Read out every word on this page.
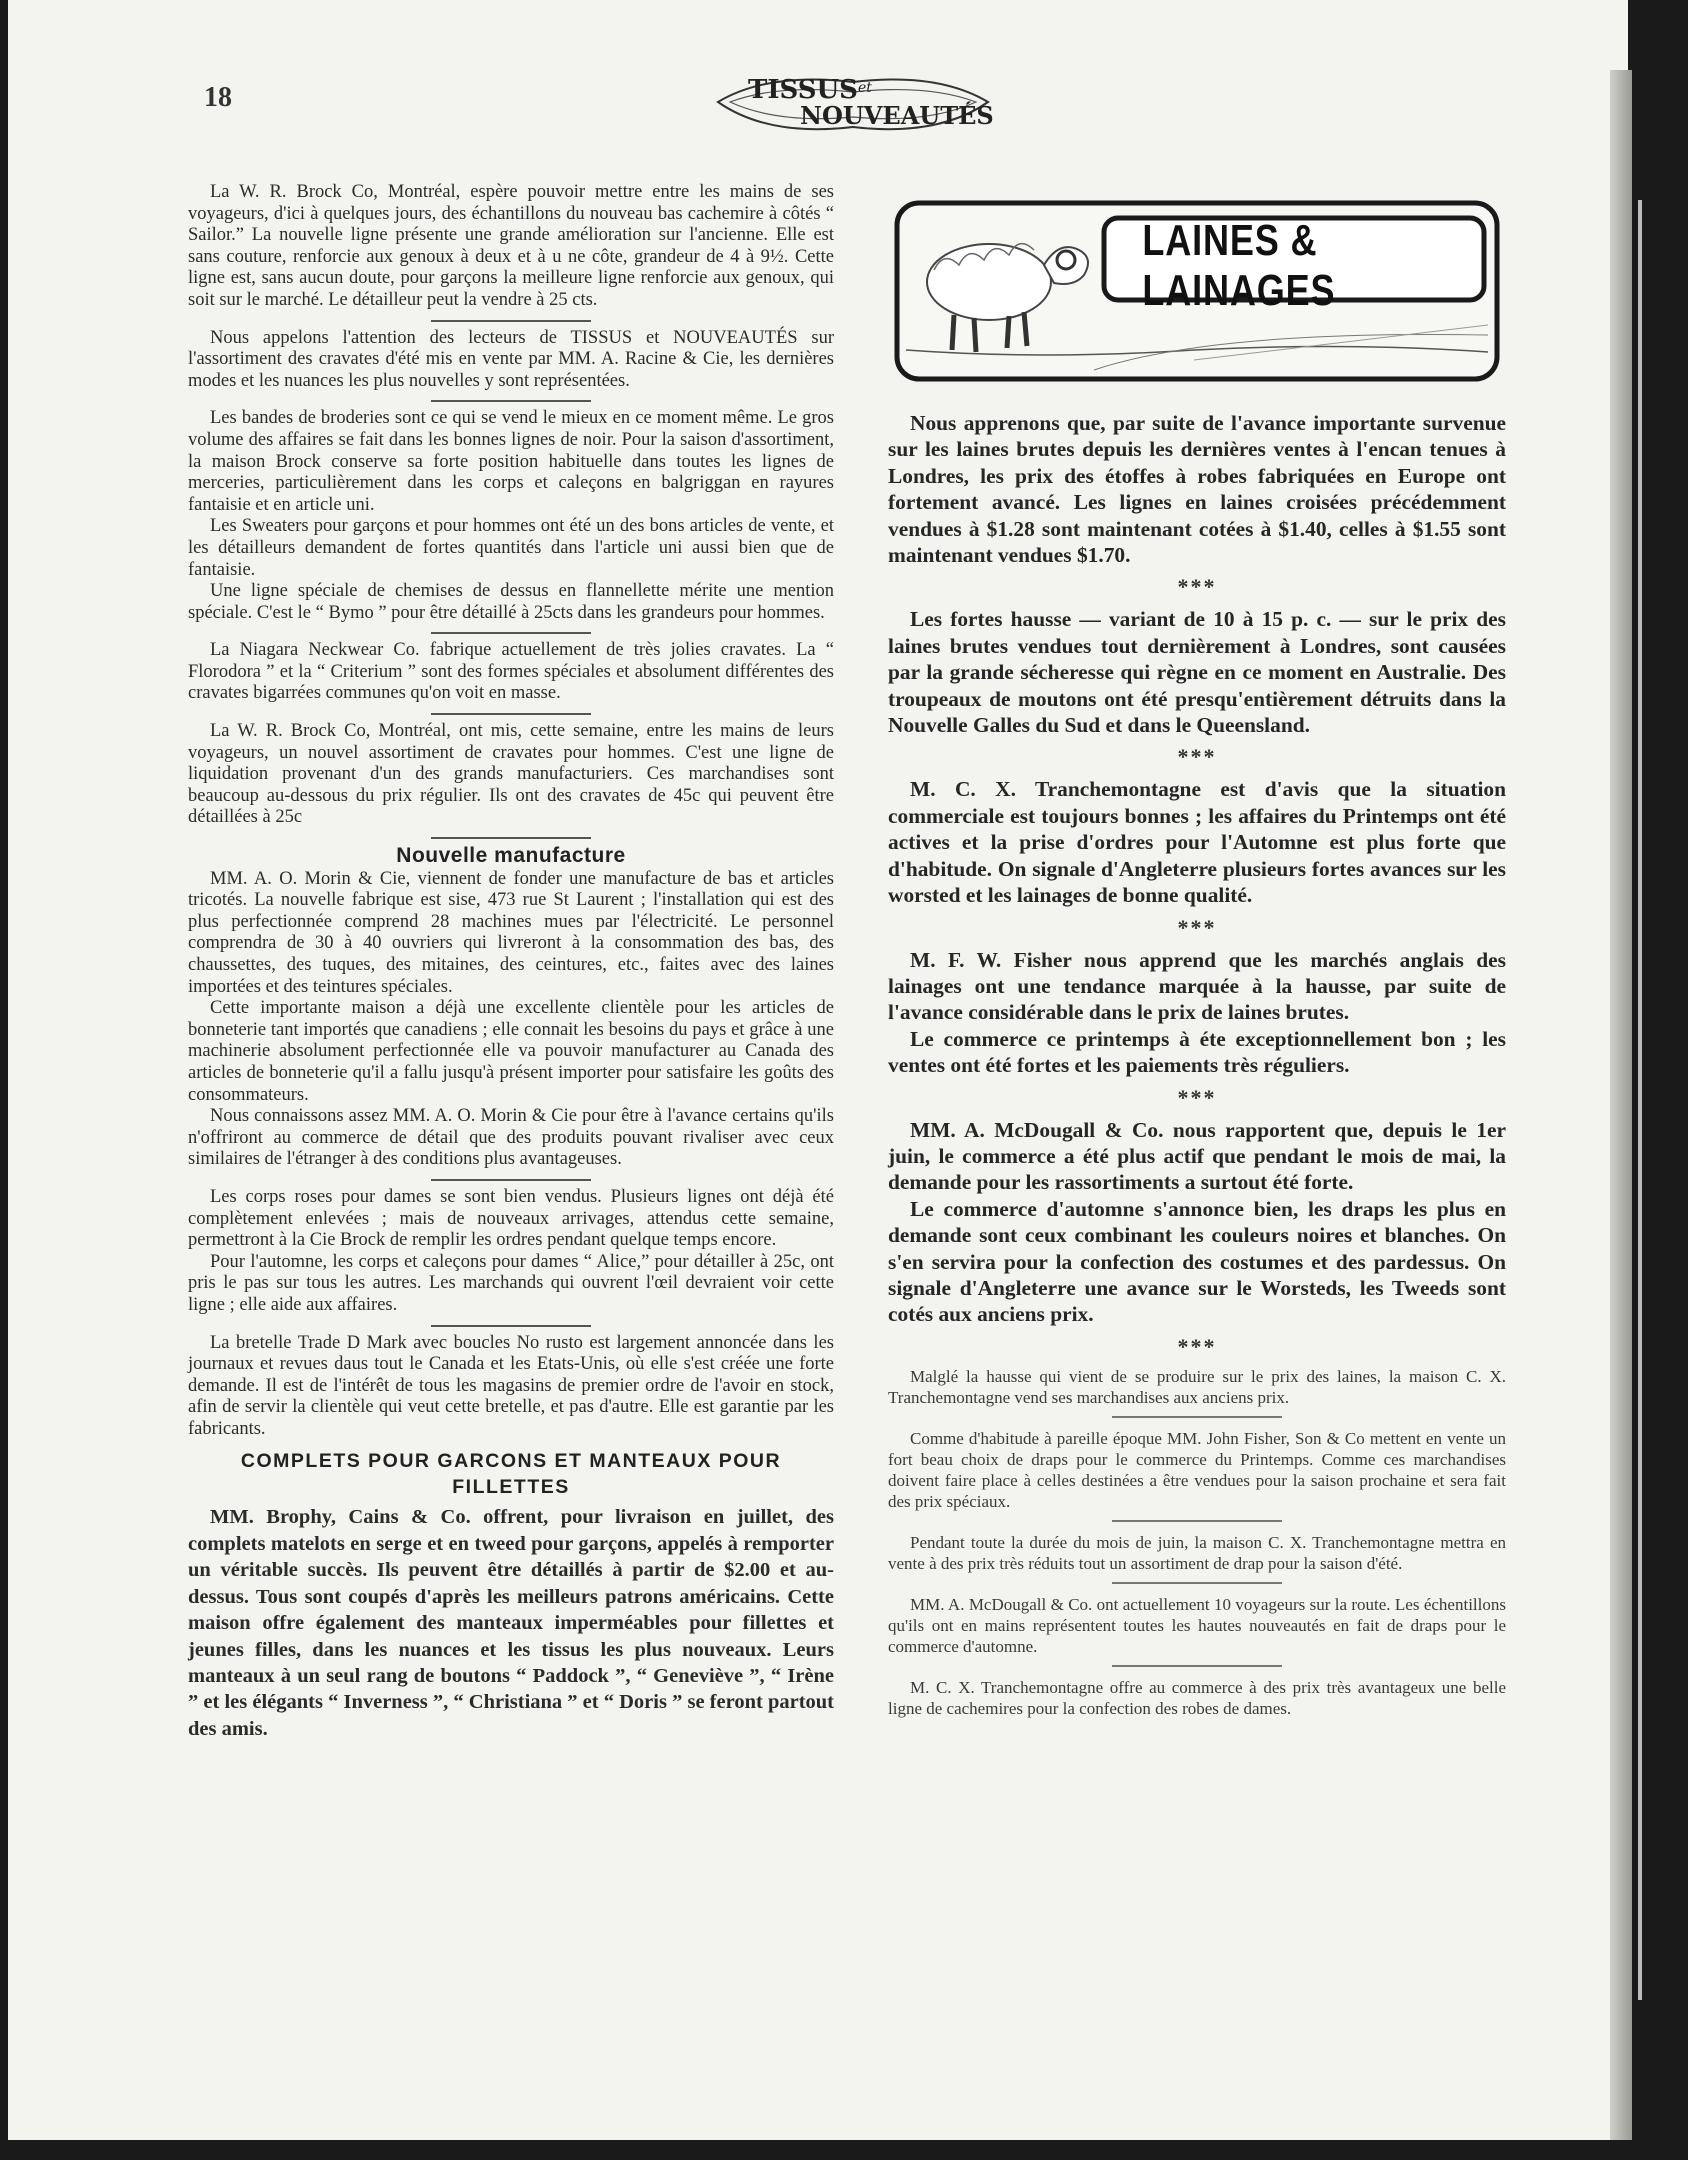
18	TISSUS et
NOUVEAUTÉS

La W. R. Brock Co, Montréal, espère pouvoir mettre entre les mains de ses voyageurs, d'ici à quelques jours, des échantillons du nouveau bas cachemire à côtés “ Sailor.” La nouvelle ligne présente une grande amélioration sur l'ancienne. Elle est sans couture, renforcie aux genoux à deux et à u ne côte, grandeur de 4 à 9½. Cette ligne est, sans aucun doute, pour garçons la meilleure ligne renforcie aux genoux, qui soit sur le marché. Le détailleur peut la vendre à 25 cts.

Nous appelons l'attention des lecteurs de TISSUS et NOUVEAUTÉS sur l'assortiment des cravates d'été mis en vente par MM. A. Racine & Cie, les dernières modes et les nuances les plus nouvelles y sont représentées.

Les bandes de broderies sont ce qui se vend le mieux en ce moment même. Le gros volume des affaires se fait dans les bonnes lignes de noir. Pour la saison d'assortiment, la maison Brock conserve sa forte position habituelle dans toutes les lignes de merceries, particulièrement dans les corps et caleçons en balgriggan en rayures fantaisie et en article uni.

Les Sweaters pour garçons et pour hommes ont été un des bons articles de vente, et les détailleurs demandent de fortes quantités dans l'article uni aussi bien que de fantaisie.

Une ligne spéciale de chemises de dessus en flannellette mérite une mention spéciale. C'est le “ Bymo ” pour être détaillé à 25cts dans les grandeurs pour hommes.

La Niagara Neckwear Co. fabrique actuellement de très jolies cravates. La “ Florodora ” et la “ Criterium ” sont des formes spéciales et absolument différentes des cravates bigarrées communes qu'on voit en masse.

La W. R. Brock Co, Montréal, ont mis, cette semaine, entre les mains de leurs voyageurs, un nouvel assortiment de cravates pour hommes. C'est une ligne de liquidation provenant d'un des grands manufacturiers. Ces marchandises sont beaucoup au-dessous du prix régulier. Ils ont des cravates de 45c qui peuvent être détaillées à 25c

Nouvelle manufacture

MM. A. O. Morin & Cie, viennent de fonder une manufacture de bas et articles tricotés. La nouvelle fabrique est sise, 473 rue St Laurent ; l'installation qui est des plus perfectionnée comprend 28 machines mues par l'électricité. Le personnel comprendra de 30 à 40 ouvriers qui livreront à la consommation des bas, des chaussettes, des tuques, des mitaines, des ceintures, etc., faites avec des laines importées et des teintures spéciales.

Cette importante maison a déjà une excellente clientèle pour les articles de bonneterie tant importés que canadiens ; elle connait les besoins du pays et grâce à une machinerie absolument perfectionnée elle va pouvoir manufacturer au Canada des articles de bonneterie qu'il a fallu jusqu'à présent importer pour satisfaire les goûts des consommateurs.

Nous connaissons assez MM. A. O. Morin & Cie pour être à l'avance certains qu'ils n'offriront au commerce de détail que des produits pouvant rivaliser avec ceux similaires de l'étranger à des conditions plus avantageuses.

Les corps roses pour dames se sont bien vendus. Plusieurs lignes ont déjà été complètement enlevées ; mais de nouveaux arrivages, attendus cette semaine, permettront à la Cie Brock de remplir les ordres pendant quelque temps encore.

Pour l'automne, les corps et caleçons pour dames “ Alice,” pour détailler à 25c, ont pris le pas sur tous les autres. Les marchands qui ouvrent l'œil devraient voir cette ligne ; elle aide aux affaires.

La bretelle Trade D Mark avec boucles No rusto est largement annoncée dans les journaux et revues daus tout le Canada et les Etats-Unis, où elle s'est créée une forte demande. Il est de l'intérêt de tous les magasins de premier ordre de l'avoir en stock, afin de servir la clientèle qui veut cette bretelle, et pas d'autre. Elle est garantie par les fabricants.

COMPLETS POUR GARCONS ET MANTEAUX POUR FILLETTES

MM. Brophy, Cains & Co. offrent, pour livraison en juillet, des complets matelots en serge et en tweed pour garçons, appelés à remporter un véritable succès. Ils peuvent être détaillés à partir de $2.00 et au-dessus. Tous sont coupés d'après les meilleurs patrons américains. Cette maison offre également des manteaux imperméables pour fillettes et jeunes filles, dans les nuances et les tissus les plus nouveaux. Leurs manteaux à un seul rang de boutons “ Paddock ”, “ Geneviève ”, “ Irène ” et les élégants “ Inverness ”, “ Christiana ” et “ Doris ” se feront partout des amis.

LAINES & LAINAGES

Nous apprenons que, par suite de l'avance importante survenue sur les laines brutes depuis les dernières ventes à l'encan tenues à Londres, les prix des étoffes à robes fabriquées en Europe ont fortement avancé. Les lignes en laines croisées précédemment vendues à $1.28 sont maintenant cotées à $1.40, celles à $1.55 sont maintenant vendues $1.70.

***

Les fortes hausse — variant de 10 à 15 p. c. — sur le prix des laines brutes vendues tout dernièrement à Londres, sont causées par la grande sécheresse qui règne en ce moment en Australie. Des troupeaux de moutons ont été presqu'entièrement détruits dans la Nouvelle Galles du Sud et dans le Queensland.

***

M. C. X. Tranchemontagne est d'avis que la situation commerciale est toujours bonnes ; les affaires du Printemps ont été actives et la prise d'ordres pour l'Automne est plus forte que d'habitude. On signale d'Angleterre plusieurs fortes avances sur les worsted et les lainages de bonne qualité.

***

M. F. W. Fisher nous apprend que les marchés anglais des lainages ont une tendance marquée à la hausse, par suite de l'avance considérable dans le prix de laines brutes.

Le commerce ce printemps à éte exceptionnellement bon ; les ventes ont été fortes et les paiements très réguliers.

***

MM. A. McDougall & Co. nous rapportent que, depuis le 1er juin, le commerce a été plus actif que pendant le mois de mai, la demande pour les rassortiments a surtout été forte.

Le commerce d'automne s'annonce bien, les draps les plus en demande sont ceux combinant les couleurs noires et blanches. On s'en servira pour la confection des costumes et des pardessus. On signale d'Angleterre une avance sur le Worsteds, les Tweeds sont cotés aux anciens prix.

***

Malglé la hausse qui vient de se produire sur le prix des laines, la maison C. X. Tranchemontagne vend ses marchandises aux anciens prix.

Comme d'habitude à pareille époque MM. John Fisher, Son & Co mettent en vente un fort beau choix de draps pour le commerce du Printemps. Comme ces marchandises doivent faire place à celles destinées a être vendues pour la saison prochaine et sera fait des prix spéciaux.

Pendant toute la durée du mois de juin, la maison C. X. Tranchemontagne mettra en vente à des prix très réduits tout un assortiment de drap pour la saison d'été.

MM. A. McDougall & Co. ont actuellement 10 voyageurs sur la route. Les échentillons qu'ils ont en mains représentent toutes les hautes nouveautés en fait de draps pour le commerce d'automne.

M. C. X. Tranchemontagne offre au commerce à des prix très avantageux une belle ligne de cachemires pour la confection des robes de dames.
